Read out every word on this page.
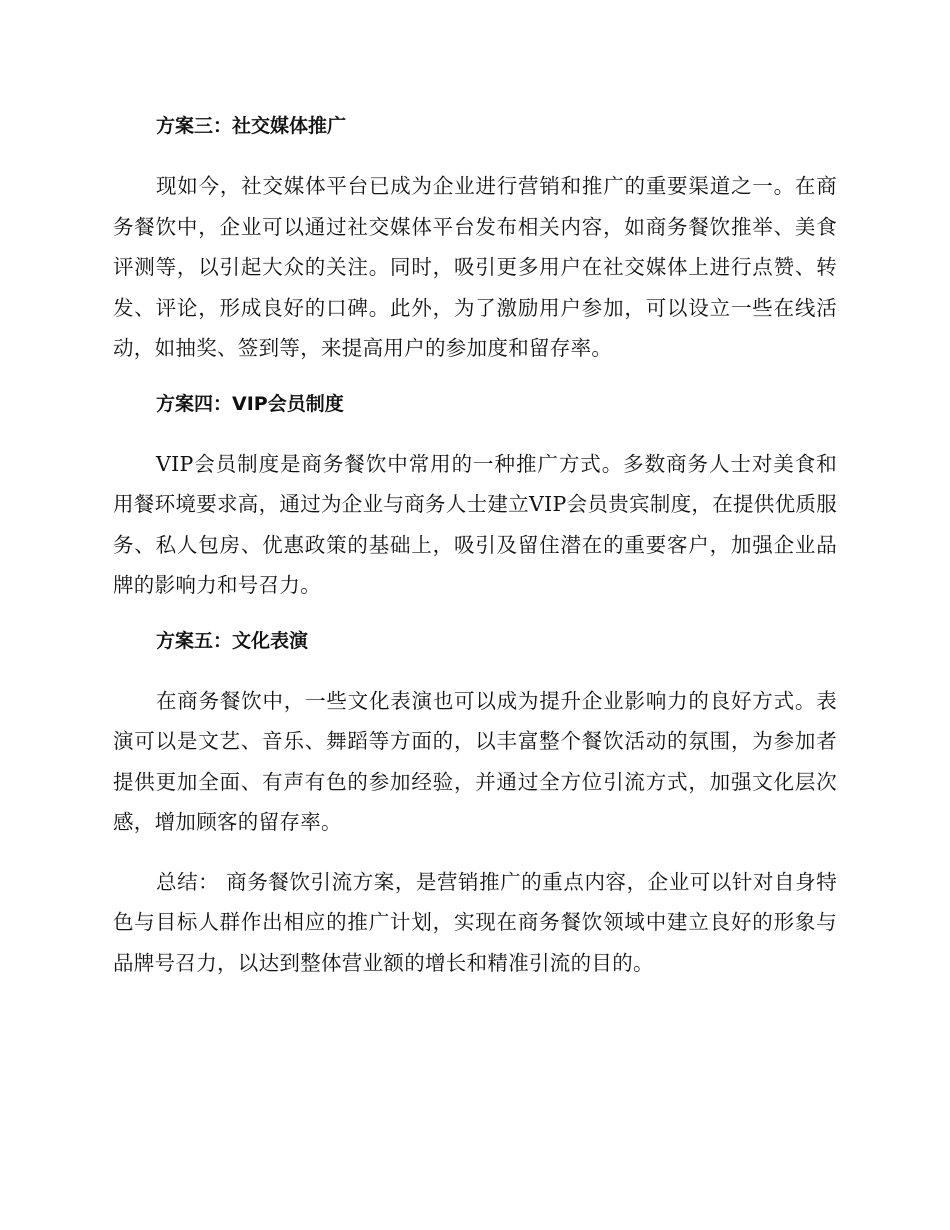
方案三：社交媒体推广

现如今，社交媒体平台已成为企业进行营销和推广的重要渠道之一。在商务餐饮中，企业可以通过社交媒体平台发布相关内容，如商务餐饮推举、美食评测等，以引起大众的关注。同时，吸引更多用户在社交媒体上进行点赞、转发、评论，形成良好的口碑。此外，为了激励用户参加，可以设立一些在线活动，如抽奖、签到等，来提高用户的参加度和留存率。

方案四：VIP会员制度

VIP会员制度是商务餐饮中常用的一种推广方式。多数商务人士对美食和用餐环境要求高，通过为企业与商务人士建立VIP会员贵宾制度，在提供优质服务、私人包房、优惠政策的基础上，吸引及留住潜在的重要客户，加强企业品牌的影响力和号召力。

方案五：文化表演

在商务餐饮中，一些文化表演也可以成为提升企业影响力的良好方式。表演可以是文艺、音乐、舞蹈等方面的，以丰富整个餐饮活动的氛围，为参加者提供更加全面、有声有色的参加经验，并通过全方位引流方式，加强文化层次感，增加顾客的留存率。

总结： 商务餐饮引流方案，是营销推广的重点内容，企业可以针对自身特色与目标人群作出相应的推广计划，实现在商务餐饮领域中建立良好的形象与品牌号召力，以达到整体营业额的增长和精准引流的目的。
